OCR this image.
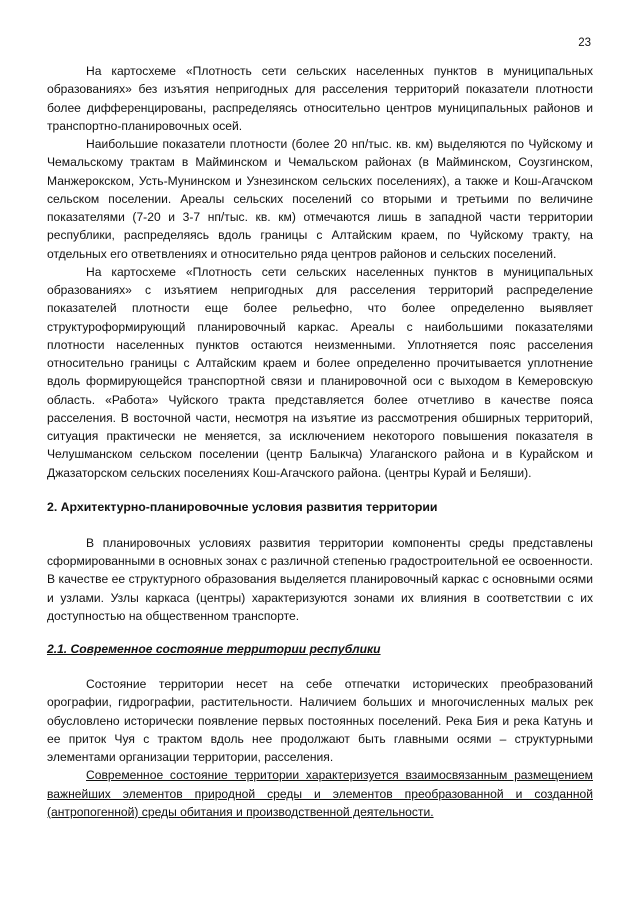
23

На картосхеме «Плотность сети сельских населенных пунктов в муниципальных образованиях» без изъятия непригодных для расселения территорий показатели плотности более дифференцированы, распределяясь относительно центров муниципальных районов и транспортно-планировочных осей.

Наибольшие показатели плотности (более 20 нп/тыс. кв. км) выделяются по Чуйскому и Чемальскому трактам в Майминском и Чемальском районах (в Майминском, Соузгинском, Манжерокском, Усть-Мунинском и Узнезинском сельских поселениях), а также и Кош-Агачском сельском поселении. Ареалы сельских поселений со вторыми и третьими по величине показателями (7-20 и 3-7 нп/тыс. кв. км) отмечаются лишь в западной части территории республики, распределяясь вдоль границы с Алтайским краем, по Чуйскому тракту, на отдельных его ответвлениях и относительно ряда центров районов и сельских поселений.

На картосхеме «Плотность сети сельских населенных пунктов в муниципальных образованиях» с изъятием непригодных для расселения территорий распределение показателей плотности еще более рельефно, что более определенно выявляет структуроформирующий планировочный каркас. Ареалы с наибольшими показателями плотности населенных пунктов остаются неизменными. Уплотняется пояс расселения относительно границы с Алтайским краем и более определенно прочитывается уплотнение вдоль формирующейся транспортной связи и планировочной оси с выходом в Кемеровскую область. «Работа» Чуйского тракта представляется более отчетливо в качестве пояса расселения. В восточной части, несмотря на изъятие из рассмотрения обширных территорий, ситуация практически не меняется, за исключением некоторого повышения показателя в Челушманском сельском поселении (центр Балыкча) Улаганского района и в Курайском и Джазаторском сельских поселениях Кош-Агачского района. (центры Курай и Беляши).

2. Архитектурно-планировочные условия развития территории

В планировочных условиях развития территории компоненты среды представлены сформированными в основных зонах с различной степенью градостроительной ее освоенности. В качестве ее структурного образования выделяется планировочный каркас с основными осями и узлами. Узлы каркаса (центры) характеризуются зонами их влияния в соответствии с их доступностью на общественном транспорте.

2.1. Современное состояние территории республики

Состояние территории несет на себе отпечатки исторических преобразований орографии, гидрографии, растительности. Наличием больших и многочисленных малых рек обусловлено исторически появление первых постоянных поселений. Река Бия и река Катунь и ее приток Чуя с трактом вдоль нее продолжают быть главными осями – структурными элементами организации территории, расселения.

Современное состояние территории характеризуется взаимосвязанным размещением важнейших элементов природной среды и элементов преобразованной и созданной (антропогенной) среды обитания и производственной деятельности.
